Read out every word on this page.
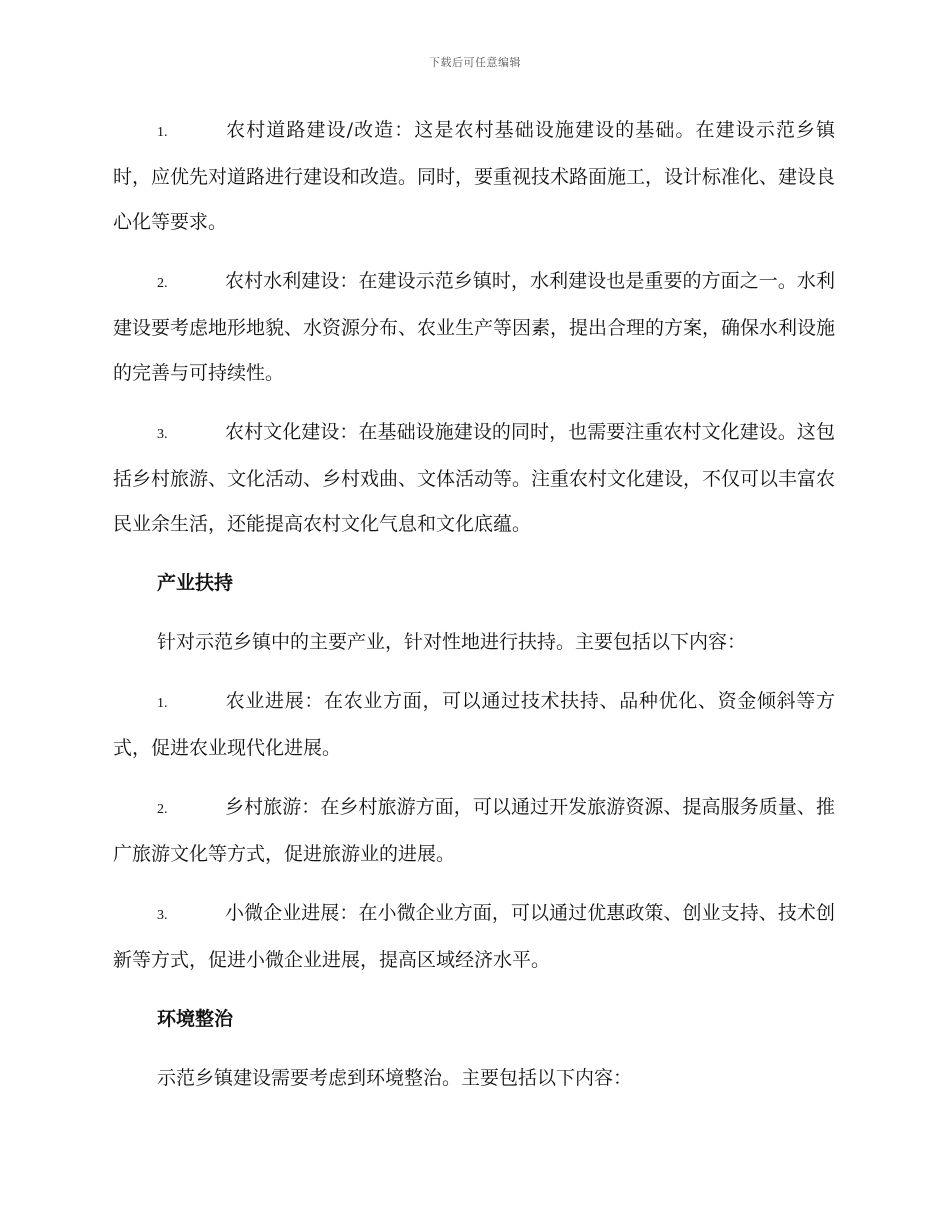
下载后可任意编辑

1.	农村道路建设/改造：这是农村基础设施建设的基础。在建设示范乡镇时，应优先对道路进行建设和改造。同时，要重视技术路面施工，设计标准化、建设良心化等要求。

2.	农村水利建设：在建设示范乡镇时，水利建设也是重要的方面之一。水利建设要考虑地形地貌、水资源分布、农业生产等因素，提出合理的方案，确保水利设施的完善与可持续性。

3.	农村文化建设：在基础设施建设的同时，也需要注重农村文化建设。这包括乡村旅游、文化活动、乡村戏曲、文体活动等。注重农村文化建设，不仅可以丰富农民业余生活，还能提高农村文化气息和文化底蕴。

产业扶持

针对示范乡镇中的主要产业，针对性地进行扶持。主要包括以下内容：

1.	农业进展：在农业方面，可以通过技术扶持、品种优化、资金倾斜等方式，促进农业现代化进展。

2.	乡村旅游：在乡村旅游方面，可以通过开发旅游资源、提高服务质量、推广旅游文化等方式，促进旅游业的进展。

3.	小微企业进展：在小微企业方面，可以通过优惠政策、创业支持、技术创新等方式，促进小微企业进展，提高区域经济水平。

环境整治

示范乡镇建设需要考虑到环境整治。主要包括以下内容：
